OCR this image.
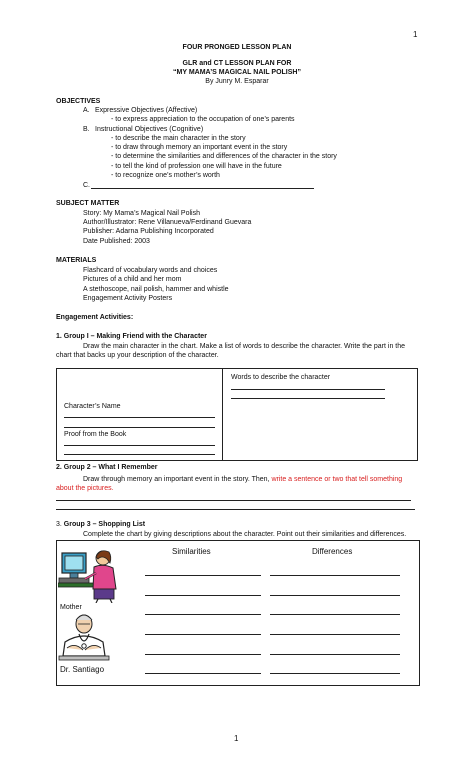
1
1
FOUR PRONGED LESSON PLAN
GLR and CT LESSON PLAN FOR
“MY MAMA’S MAGICAL NAIL POLISH”
By Junry M. Esparar
OBJECTIVES
A. Expressive Objectives (Affective)
- to express appreciation to the occupation of one’s parents
B. Instructional Objectives (Cognitive)
- to describe the main character in the story
- to draw through memory an important event in the story
- to determine the similarities and differences of the character in the story
- to tell the kind of profession one will have in the future
- to recognize one’s mother’s worth
C.
SUBJECT MATTER
Story: My Mama’s Magical Nail Polish
Author/Illustrator: Rene Villanueva/Ferdinand Guevara
Publisher: Adarna Publishing Incorporated
Date Published: 2003
MATERIALS
Flashcard of vocabulary words and choices
Pictures of a child and her mom
A stethoscope, nail polish, hammer and whistle
Engagement Activity Posters
Engagement Activities:
1. Group I – Making Friend with the Character
Draw the main character in the chart. Make a list of words to describe the character. Write the part in the
chart that backs up your description of the character.
Words to describe the character
Character’s Name
Proof from the Book
2. Group 2 – What I Remember
Draw through memory an important event in the story. Then, write a sentence or two that tell something
about the pictures.
3. Group 3 – Shopping List
Complete the chart by giving descriptions about the character. Point out their similarities and differences.
Similarities	Differences
Mother
Dr. Santiago
